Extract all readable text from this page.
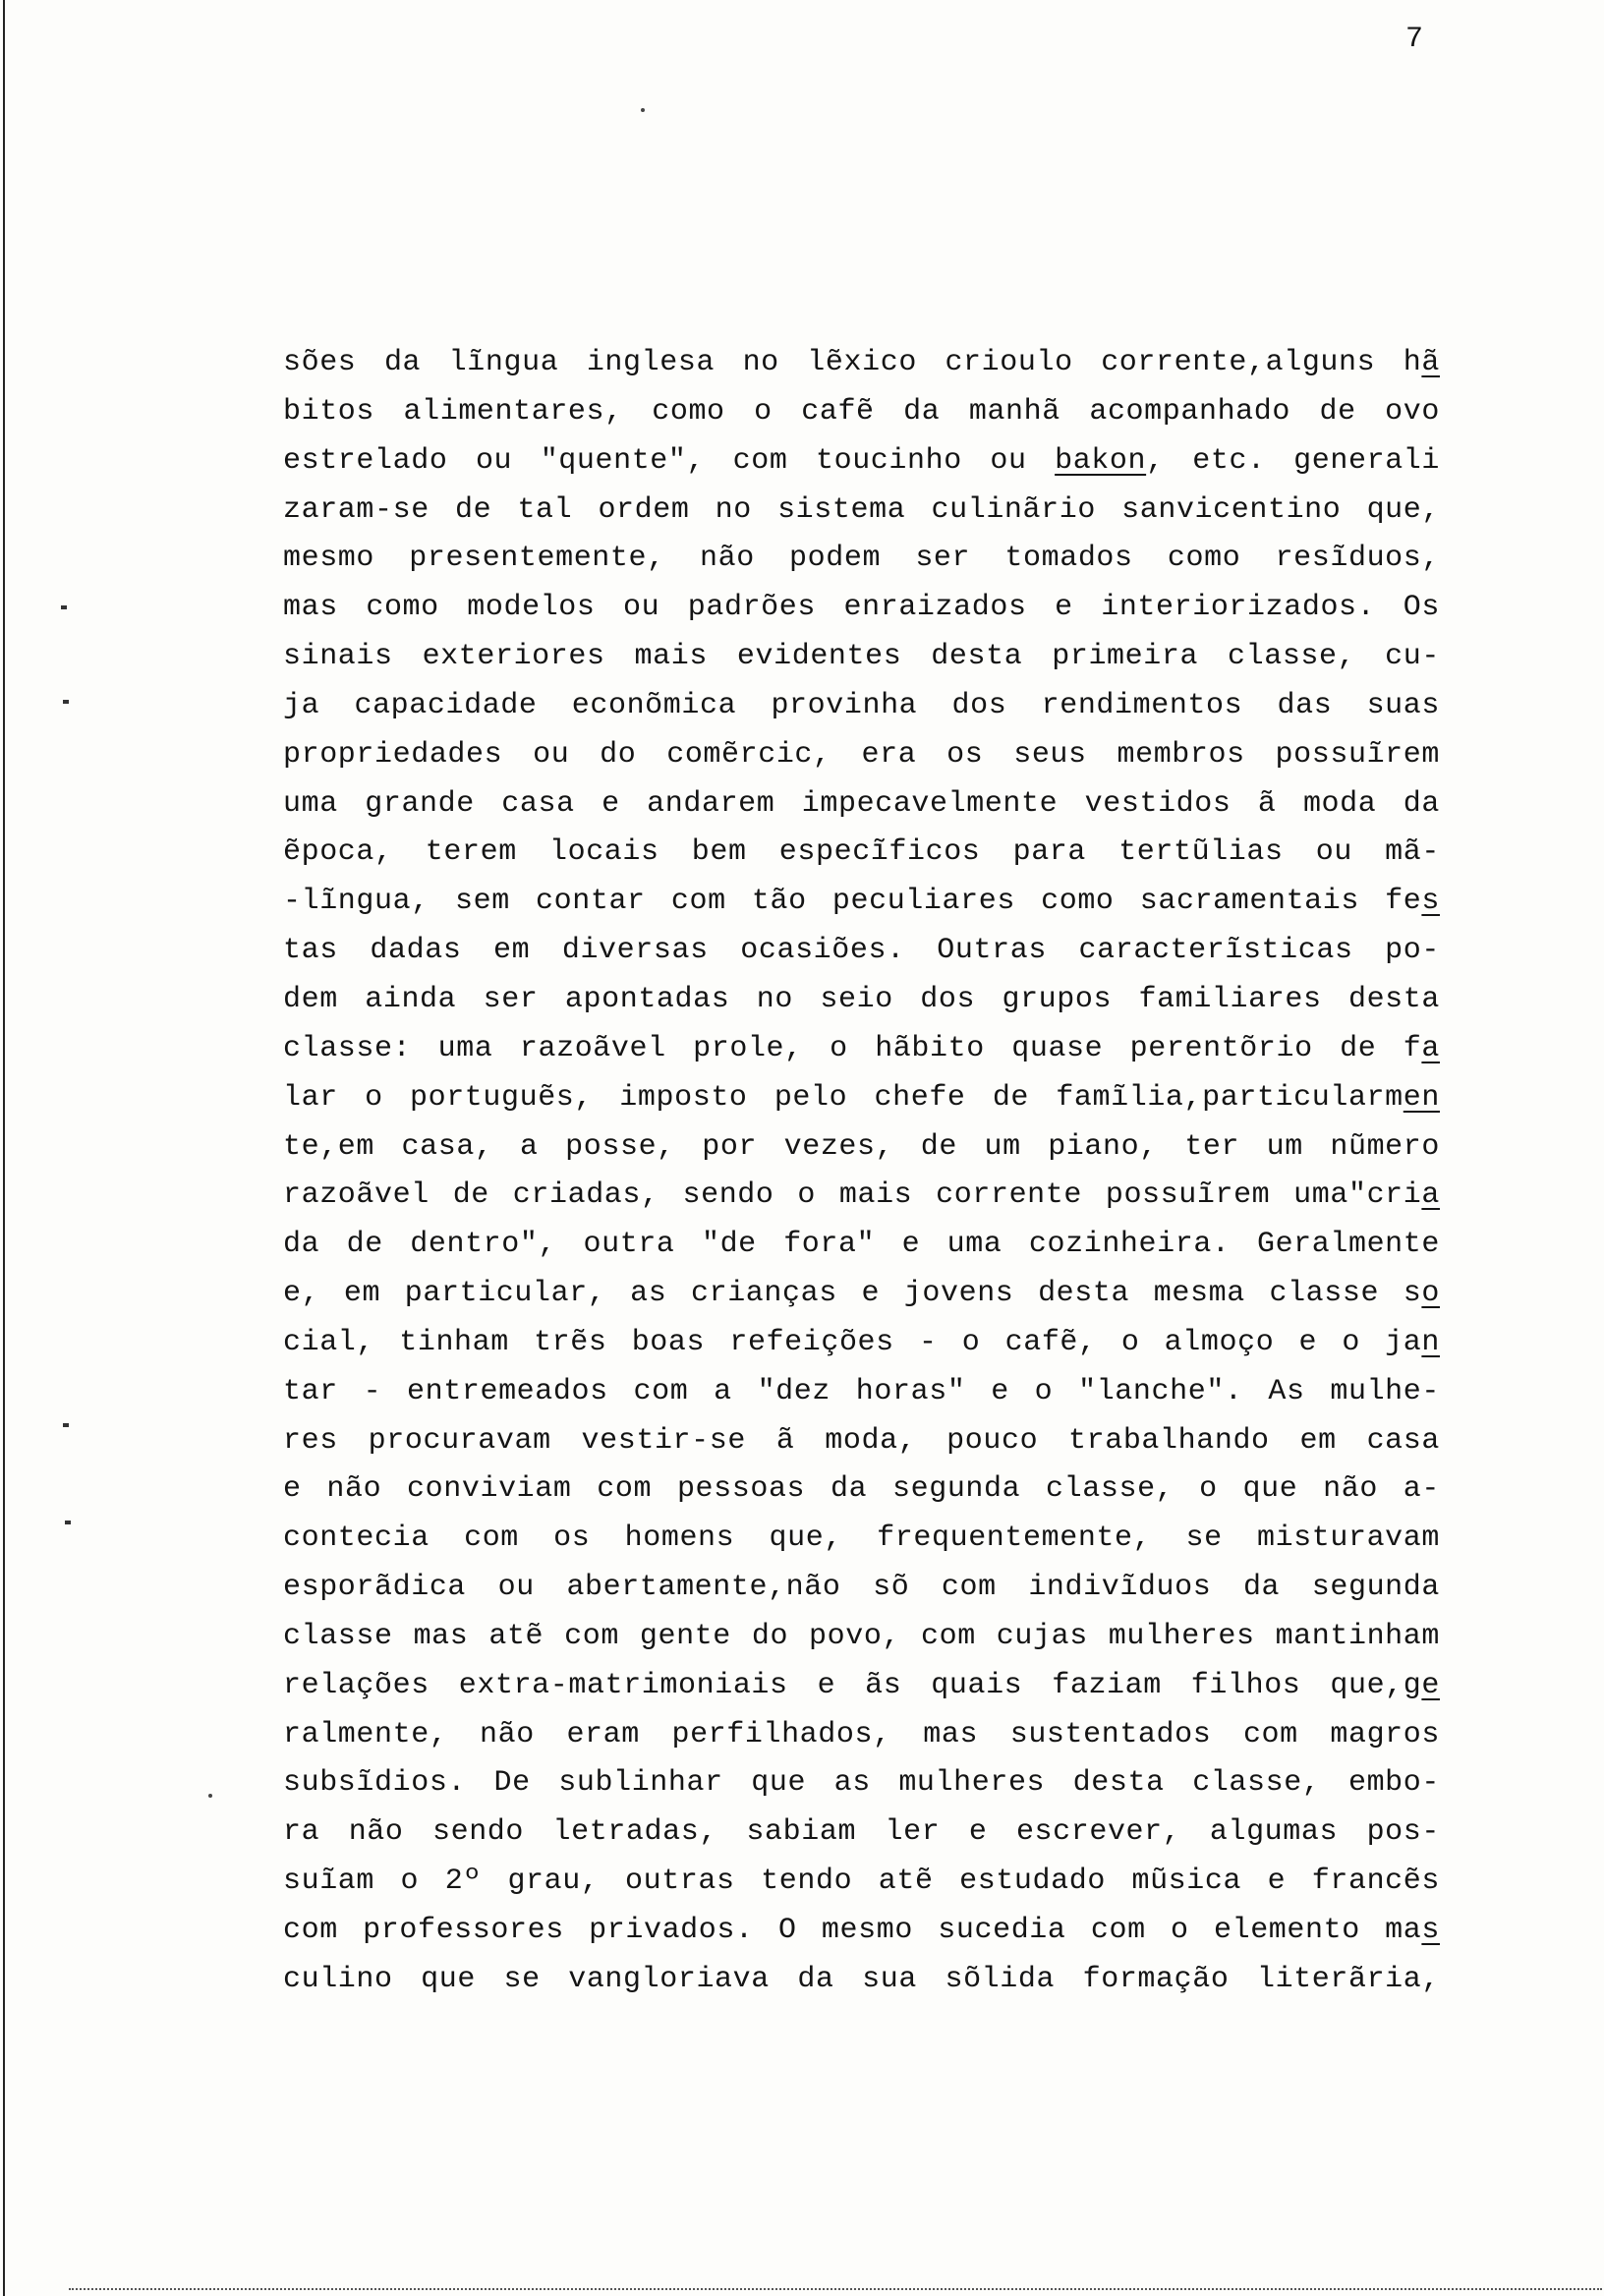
7
sões da lĩngua inglesa no lẽxico crioulo corrente,alguns hã
bitos alimentares, como o cafẽ da manhã acompanhado de ovo
estrelado ou "quente", com toucinho ou bakon, etc. generali
zaram-se de tal ordem no sistema culinãrio sanvicentino que,
mesmo presentemente, não podem ser tomados como resĩduos,
mas como modelos ou padrões enraizados e interiorizados. Os
sinais exteriores mais evidentes desta primeira classe, cu-
ja capacidade econõmica provinha dos rendimentos das suas
propriedades ou do comẽrcic, era os seus membros possuĩrem
uma grande casa e andarem impecavelmente vestidos ã moda da
ẽpoca, terem locais bem especĩficos para tertũlias ou mã-
-lĩngua, sem contar com tão peculiares como sacramentais fes
tas dadas em diversas ocasiões. Outras caracterĩsticas po-
dem ainda ser apontadas no seio dos grupos familiares desta
classe: uma razoãvel prole, o hãbito quase perentõrio de fa
lar o portuguẽs, imposto pelo chefe de famĩlia,particularmen
te,em casa, a posse, por vezes, de um piano, ter um nũmero
razoãvel de criadas, sendo o mais corrente possuĩrem uma"cria
da de dentro", outra "de fora" e uma cozinheira. Geralmente
e, em particular, as crianças e jovens desta mesma classe so
cial, tinham trẽs boas refeições - o cafẽ, o almoço e o jan
tar - entremeados com a "dez horas" e o "lanche". As mulhe-
res procuravam vestir-se ã moda, pouco trabalhando em casa
e não conviviam com pessoas da segunda classe, o que não a-
contecia com os homens que, frequentemente, se misturavam
esporãdica ou abertamente,não sõ com indivĩduos da segunda
classe mas atẽ com gente do povo, com cujas mulheres mantinham
relações extra-matrimoniais e ãs quais faziam filhos que,ge
ralmente, não eram perfilhados, mas sustentados com magros
subsĩdios. De sublinhar que as mulheres desta classe, embo-
ra não sendo letradas, sabiam ler e escrever, algumas pos-
suĩam o 2º grau, outras tendo atẽ estudado mũsica e francẽs
com professores privados. O mesmo sucedia com o elemento mas
culino que se vangloriava da sua sõlida formação literãria,
